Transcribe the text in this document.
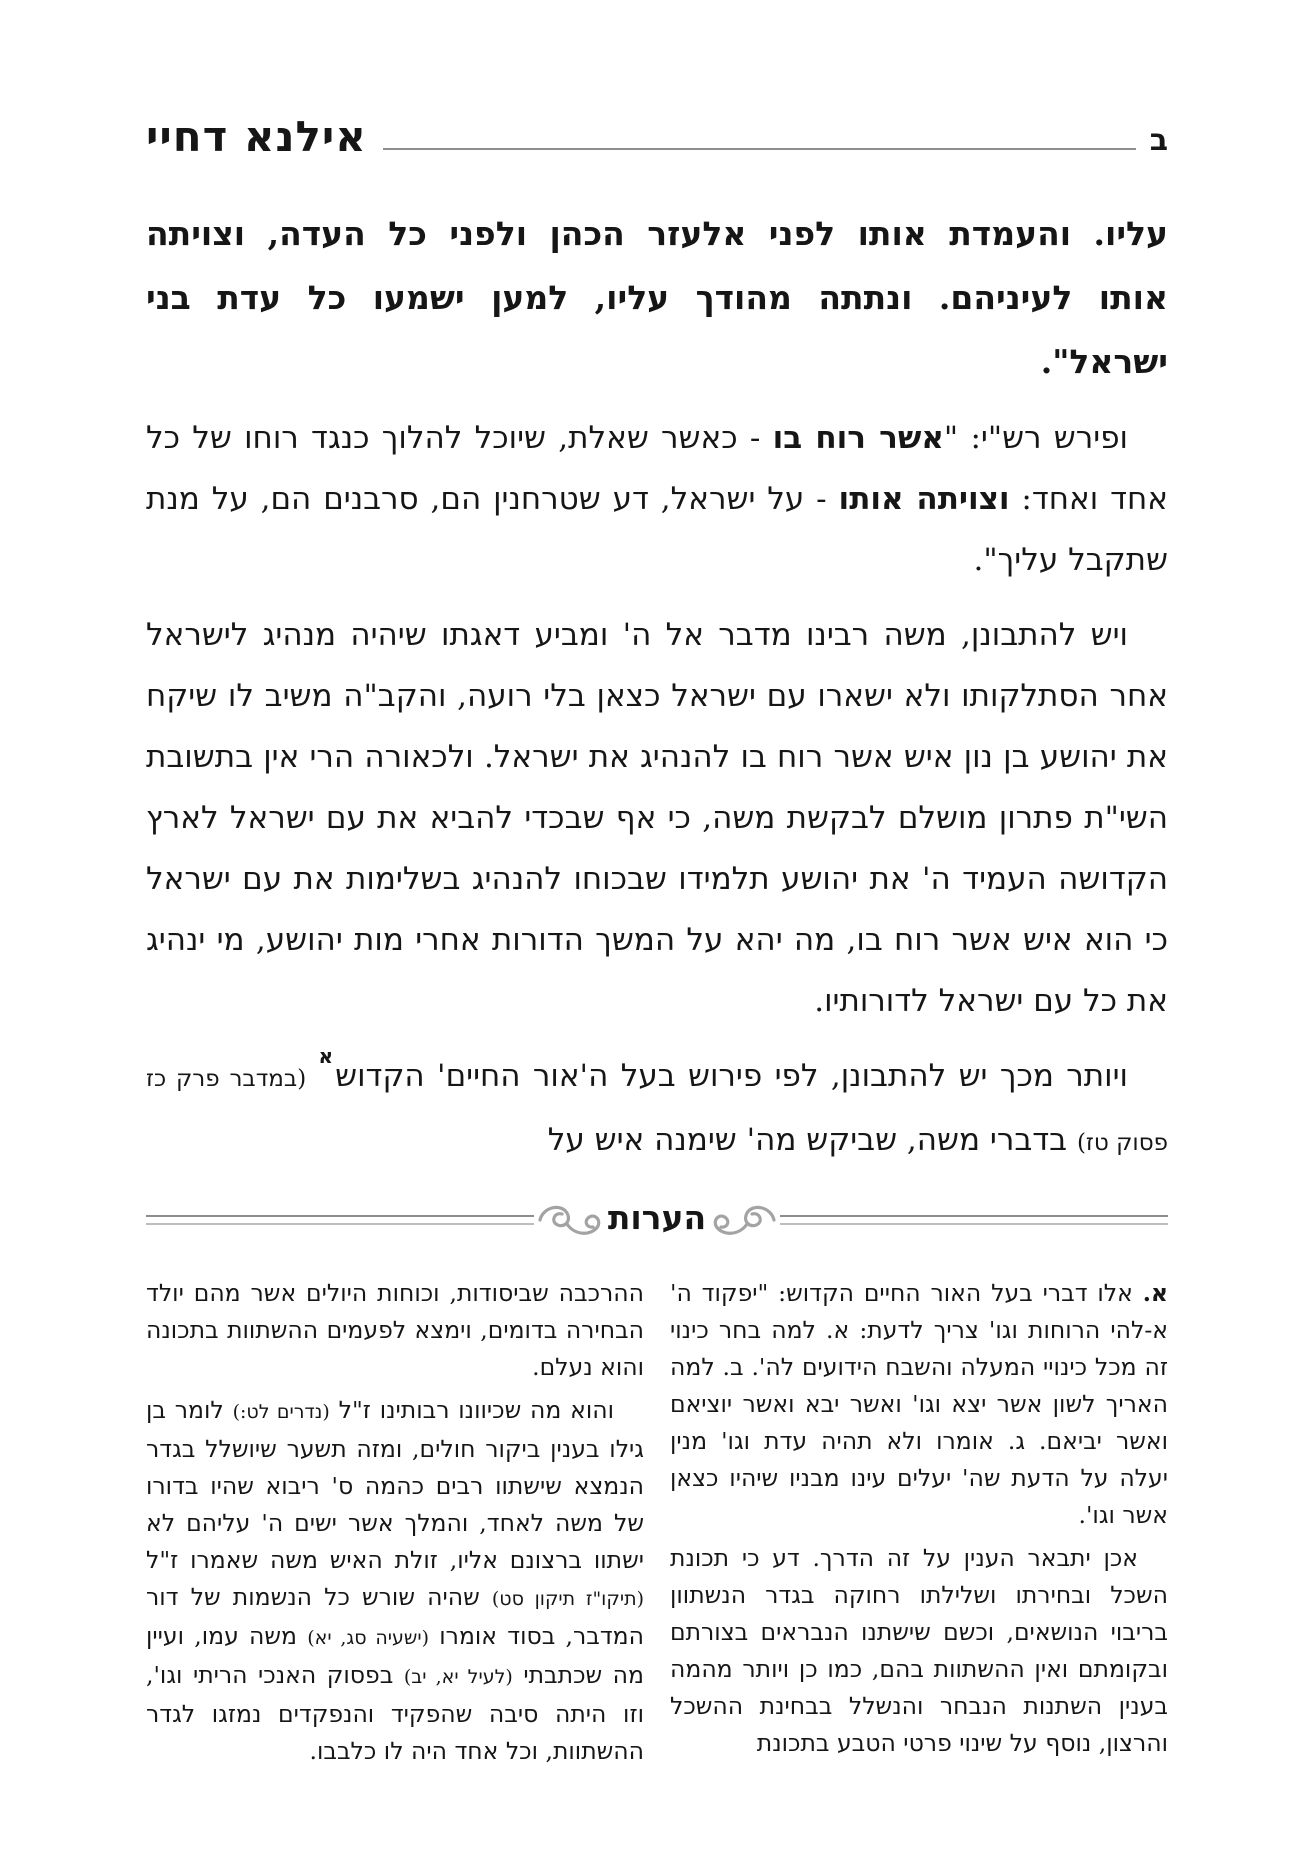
ב
אילנא דחיי

עליו. והעמדת אותו לפני אלעזר הכהן ולפני כל העדה, וצויתה אותו לעיניהם. ונתתה מהודך עליו, למען ישמעו כל עדת בני ישראל".

ופירש רש"י: "אשר רוח בו - כאשר שאלת, שיוכל להלוך כנגד רוחו של כל אחד ואחד: וצויתה אותו - על ישראל, דע שטרחנין הם, סרבנים הם, על מנת שתקבל עליך".

ויש להתבונן, משה רבינו מדבר אל ה' ומביע דאגתו שיהיה מנהיג לישראל אחר הסתלקותו ולא ישארו עם ישראל כצאן בלי רועה, והקב"ה משיב לו שיקח את יהושע בן נון איש אשר רוח בו להנהיג את ישראל. ולכאורה הרי אין בתשובת השי"ת פתרון מושלם לבקשת משה, כי אף שבכדי להביא את עם ישראל לארץ הקדושה העמיד ה' את יהושע תלמידו שבכוחו להנהיג בשלימות את עם ישראל כי הוא איש אשר רוח בו, מה יהא על המשך הדורות אחרי מות יהושע, מי ינהיג את כל עם ישראל לדורותיו.

ויותר מכך יש להתבונן, לפי פירוש בעל ה'אור החיים' הקדוש$^א$ (במדבר פרק כז פסוק טז) בדברי משה, שביקש מה' שימנה איש על

הערות

א. אלו דברי בעל האור החיים הקדוש: "יפקוד ה' א-להי הרוחות וגו' צריך לדעת: א. למה בחר כינוי זה מכל כינויי המעלה והשבח הידועים לה'. ב. למה האריך לשון אשר יצא וגו' ואשר יבא ואשר יוציאם ואשר יביאם. ג. אומרו ולא תהיה עדת וגו' מנין יעלה על הדעת שה' יעלים עינו מבניו שיהיו כצאן אשר וגו'.

אכן יתבאר הענין על זה הדרך. דע כי תכונת השכל ובחירתו ושלילתו רחוקה בגדר הנשתוון בריבוי הנושאים, וכשם שישתנו הנבראים בצורתם ובקומתם ואין ההשתוות בהם, כמו כן ויותר מהמה בענין השתנות הנבחר והנשלל בבחינת ההשכל והרצון, נוסף על שינוי פרטי הטבע בתכונת

ההרכבה שביסודות, וכוחות היולים אשר מהם יולד הבחירה בדומים, וימצא לפעמים ההשתוות בתכונה והוא נעלם.

והוא מה שכיוונו רבותינו ז"ל (נדרים לט:) לומר בן גילו בענין ביקור חולים, ומזה תשער שיושלל בגדר הנמצא שישתוו רבים כהמה ס' ריבוא שהיו בדורו של משה לאחד, והמלך אשר ישים ה' עליהם לא ישתוו ברצונם אליו, זולת האיש משה שאמרו ז"ל (תיקו"ז תיקון סט) שהיה שורש כל הנשמות של דור המדבר, בסוד אומרו (ישעיה סג, יא) משה עמו, ועיין מה שכתבתי (לעיל יא, יב) בפסוק האנכי הריתי וגו', וזו היתה סיבה שהפקיד והנפקדים נמזגו לגדר ההשתוות, וכל אחד היה לו כלבבו.
